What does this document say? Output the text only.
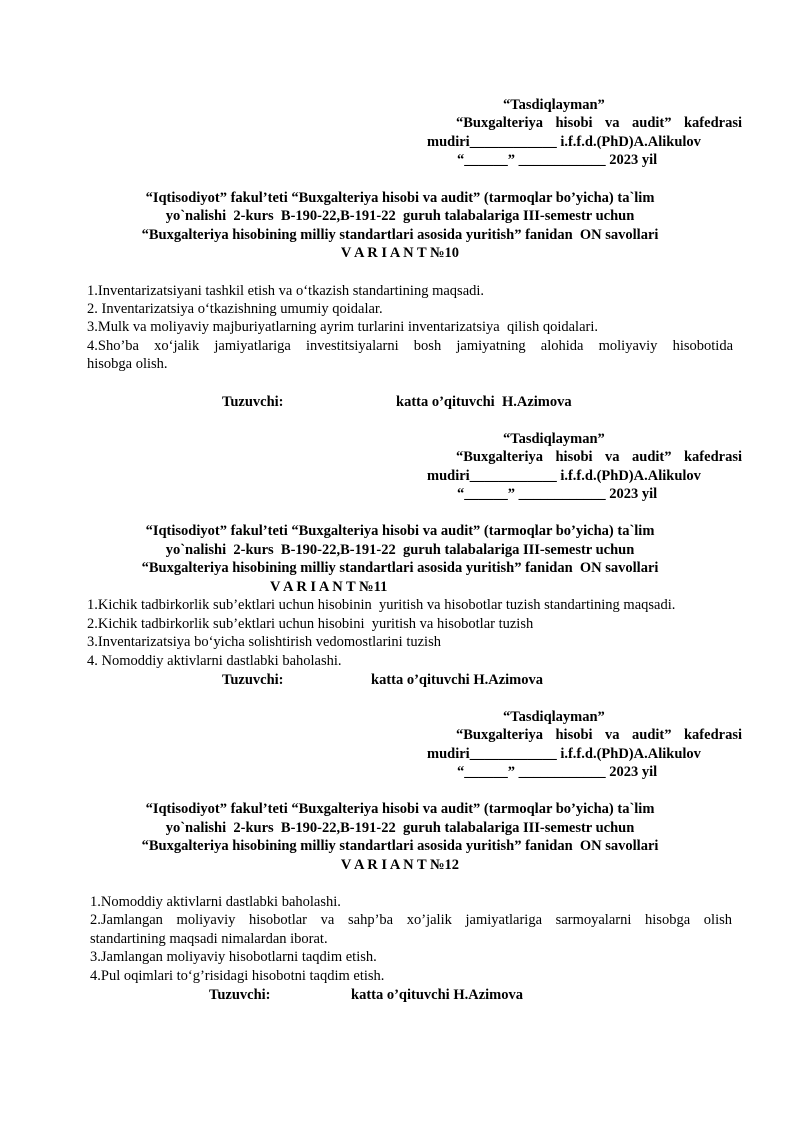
“Tasdiqlayman”
“Buxgalteriya hisobi va audit” kafedrasi
mudiri____________ i.f.f.d.(PhD)A.Alikulov
“______” ____________ 2023 yil
“Iqtisodiyot” fakul’teti “Buxgalteriya hisobi va audit” (tarmoqlar bo’yicha) ta`lim
yo`nalishi  2-kurs  B-190-22,B-191-22  guruh talabalariga III-semestr uchun
“Buxgalteriya hisobining milliy standartlari asosida yuritish” fanidan  ON savollari
V A R I A N T №10
1.Inventarizatsiyani tashkil etish va o‘tkazish standartining maqsadi.
2. Inventarizatsiya o‘tkazishning umumiy qoidalar.
3.Mulk va moliyaviy majburiyatlarning ayrim turlarini inventarizatsiya  qilish qoidalari.
4.Sho’ba xo‘jalik jamiyatlariga investitsiyalarni bosh jamiyatning alohida moliyaviy hisobotida
hisobga olish.
Tuzuvchi:	katta o’qituvchi  H.Azimova
“Tasdiqlayman”
“Buxgalteriya hisobi va audit” kafedrasi
mudiri____________ i.f.f.d.(PhD)A.Alikulov
“______” ____________ 2023 yil
“Iqtisodiyot” fakul’teti “Buxgalteriya hisobi va audit” (tarmoqlar bo’yicha) ta`lim
yo`nalishi  2-kurs  B-190-22,B-191-22  guruh talabalariga III-semestr uchun
“Buxgalteriya hisobining milliy standartlari asosida yuritish” fanidan  ON savollari
V A R I A N T №11
1.Kichik tadbirkorlik sub’ektlari uchun hisobinin  yuritish va hisobotlar tuzish standartining maqsadi.
2.Kichik tadbirkorlik sub’ektlari uchun hisobini  yuritish va hisobotlar tuzish
3.Inventarizatsiya bo‘yicha solishtirish vedomostlarini tuzish
4. Nomoddiy aktivlarni dastlabki baholashi.
Tuzuvchi:	katta o’qituvchi H.Azimova
“Tasdiqlayman”
“Buxgalteriya hisobi va audit” kafedrasi
mudiri____________ i.f.f.d.(PhD)A.Alikulov
“______” ____________ 2023 yil
“Iqtisodiyot” fakul’teti “Buxgalteriya hisobi va audit” (tarmoqlar bo’yicha) ta`lim
yo`nalishi  2-kurs  B-190-22,B-191-22  guruh talabalariga III-semestr uchun
“Buxgalteriya hisobining milliy standartlari asosida yuritish” fanidan  ON savollari
V A R I A N T №12
1.Nomoddiy aktivlarni dastlabki baholashi.
2.Jamlangan moliyaviy hisobotlar va sahp’ba xo’jalik jamiyatlariga sarmoyalarni hisobga olish
standartining maqsadi nimalardan iborat.
3.Jamlangan moliyaviy hisobotlarni taqdim etish.
4.Pul oqimlari to‘g’risidagi hisobotni taqdim etish.
Tuzuvchi:	katta o’qituvchi H.Azimova
